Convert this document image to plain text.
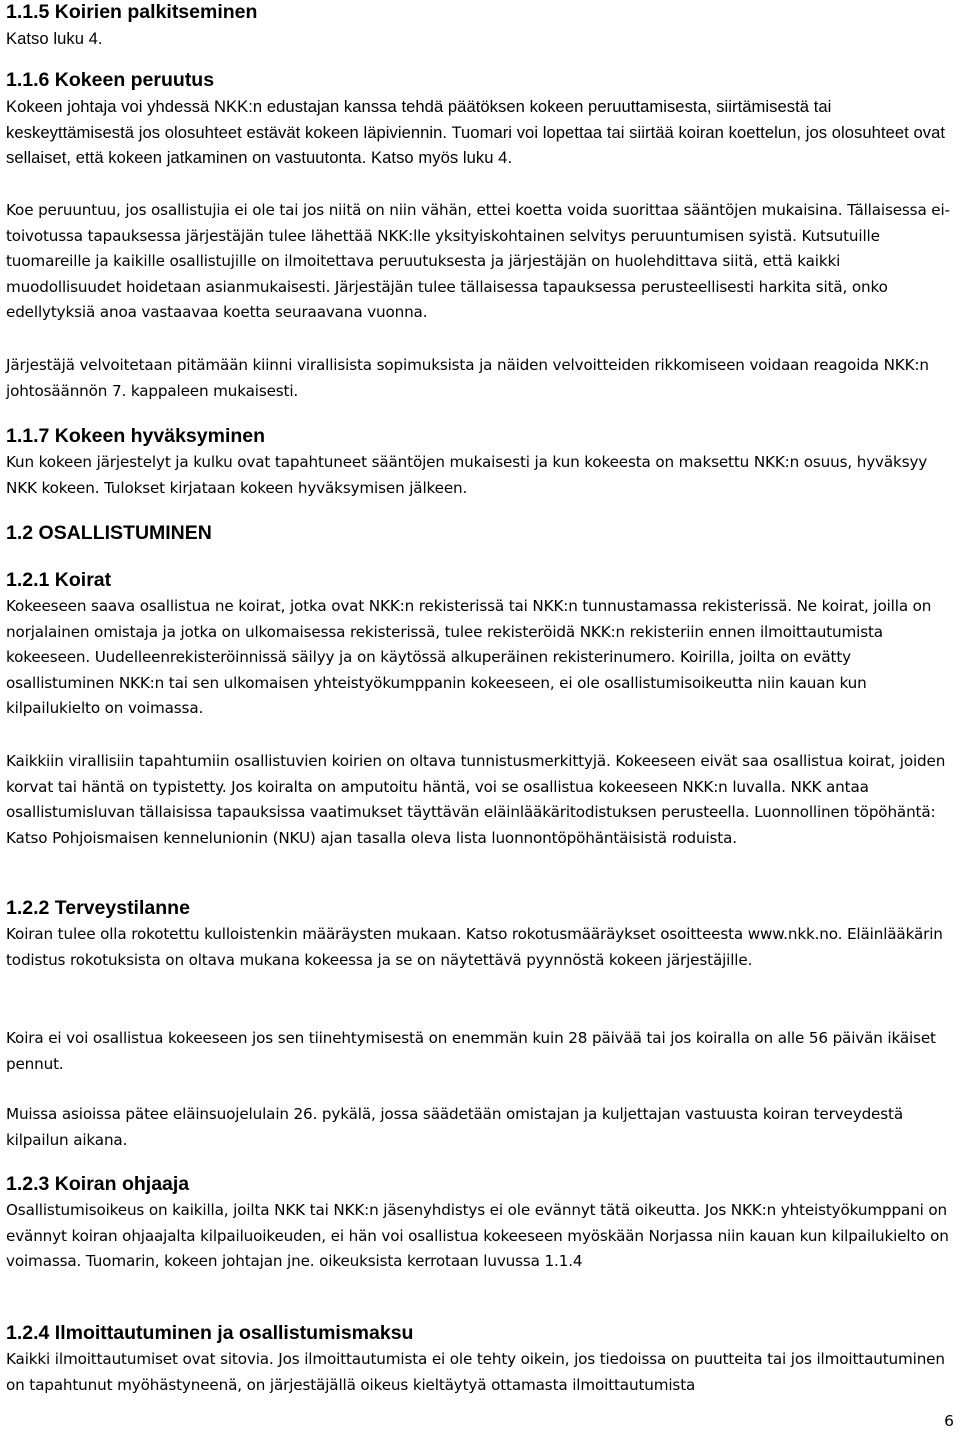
1.1.5 Koirien palkitseminen

Katso luku 4.

1.1.6 Kokeen peruutus

Kokeen johtaja voi yhdessä NKK:n edustajan kanssa tehdä päätöksen kokeen peruuttamisesta, siirtämisestä tai keskeyttämisestä jos olosuhteet estävät kokeen läpiviennin. Tuomari voi lopettaa tai siirtää koiran koettelun, jos olosuhteet ovat sellaiset, että kokeen jatkaminen on vastuutonta. Katso myös luku 4.

Koe peruuntuu, jos osallistujia ei ole tai jos niitä on niin vähän, ettei koetta voida suorittaa sääntöjen mukaisina. Tällaisessa ei-toivotussa tapauksessa järjestäjän tulee lähettää NKK:lle yksityiskohtainen selvitys peruuntumisen syistä. Kutsutuille tuomareille ja kaikille osallistujille on ilmoitettava peruutuksesta ja järjestäjän on huolehdittava siitä, että kaikki muodollisuudet hoidetaan asianmukaisesti. Järjestäjän tulee tällaisessa tapauksessa perusteellisesti harkita sitä, onko edellytyksiä anoa vastaavaa koetta seuraavana vuonna.

Järjestäjä velvoitetaan pitämään kiinni virallisista sopimuksista ja näiden velvoitteiden rikkomiseen voidaan reagoida NKK:n johtosäännön 7. kappaleen mukaisesti.

1.1.7 Kokeen hyväksyminen

Kun kokeen järjestelyt ja kulku ovat tapahtuneet sääntöjen mukaisesti ja kun kokeesta on maksettu NKK:n osuus, hyväksyy NKK kokeen. Tulokset kirjataan kokeen hyväksymisen jälkeen.

1.2 OSALLISTUMINEN
1.2.1 Koirat

Kokeeseen saava osallistua ne koirat, jotka ovat NKK:n rekisterissä tai NKK:n tunnustamassa rekisterissä. Ne koirat, joilla on norjalainen omistaja ja jotka on ulkomaisessa rekisterissä, tulee rekisteröidä NKK:n rekisteriin ennen ilmoittautumista kokeeseen. Uudelleenrekisteröinnissä säilyy ja on käytössä alkuperäinen rekisterinumero. Koirilla, joilta on evätty osallistuminen NKK:n tai sen ulkomaisen yhteistyökumppanin kokeeseen, ei ole osallistumisoikeutta niin kauan kun kilpailukielto on voimassa.

Kaikkiin virallisiin tapahtumiin osallistuvien koirien on oltava tunnistusmerkittyjä. Kokeeseen eivät saa osallistua koirat, joiden korvat tai häntä on typistetty. Jos koiralta on amputoitu häntä, voi se osallistua kokeeseen NKK:n luvalla. NKK antaa osallistumisluvan tällaisissa tapauksissa vaatimukset täyttävän eläinlääkäritodistuksen perusteella. Luonnollinen töpöhäntä: Katso Pohjoismaisen kennelunionin (NKU) ajan tasalla oleva lista luonnontöpöhäntäisistä roduista.

1.2.2 Terveystilanne

Koiran tulee olla rokotettu kulloistenkin määräysten mukaan. Katso rokotusmääräykset osoitteesta www.nkk.no. Eläinlääkärin todistus rokotuksista on oltava mukana kokeessa ja se on näytettävä pyynnöstä kokeen järjestäjille.

Koira ei voi osallistua kokeeseen jos sen tiinehtymisestä on enemmän kuin 28 päivää tai jos koiralla on alle 56 päivän ikäiset pennut.

Muissa asioissa pätee eläinsuojelulain 26. pykälä, jossa säädetään omistajan ja kuljettajan vastuusta koiran terveydestä kilpailun aikana.

1.2.3 Koiran ohjaaja

Osallistumisoikeus on kaikilla, joilta NKK tai NKK:n jäsenyhdistys ei ole evännyt tätä oikeutta. Jos NKK:n yhteistyökumppani on evännyt koiran ohjaajalta kilpailuoikeuden, ei hän voi osallistua kokeeseen myöskään Norjassa niin kauan kun kilpailukielto on voimassa. Tuomarin, kokeen johtajan jne. oikeuksista kerrotaan luvussa 1.1.4

1.2.4 Ilmoittautuminen ja osallistumismaksu

Kaikki ilmoittautumiset ovat sitovia. Jos ilmoittautumista ei ole tehty oikein, jos tiedoissa on puutteita tai jos ilmoittautuminen on tapahtunut myöhästyneenä, on järjestäjällä oikeus kieltäytyä ottamasta ilmoittautumista

6
